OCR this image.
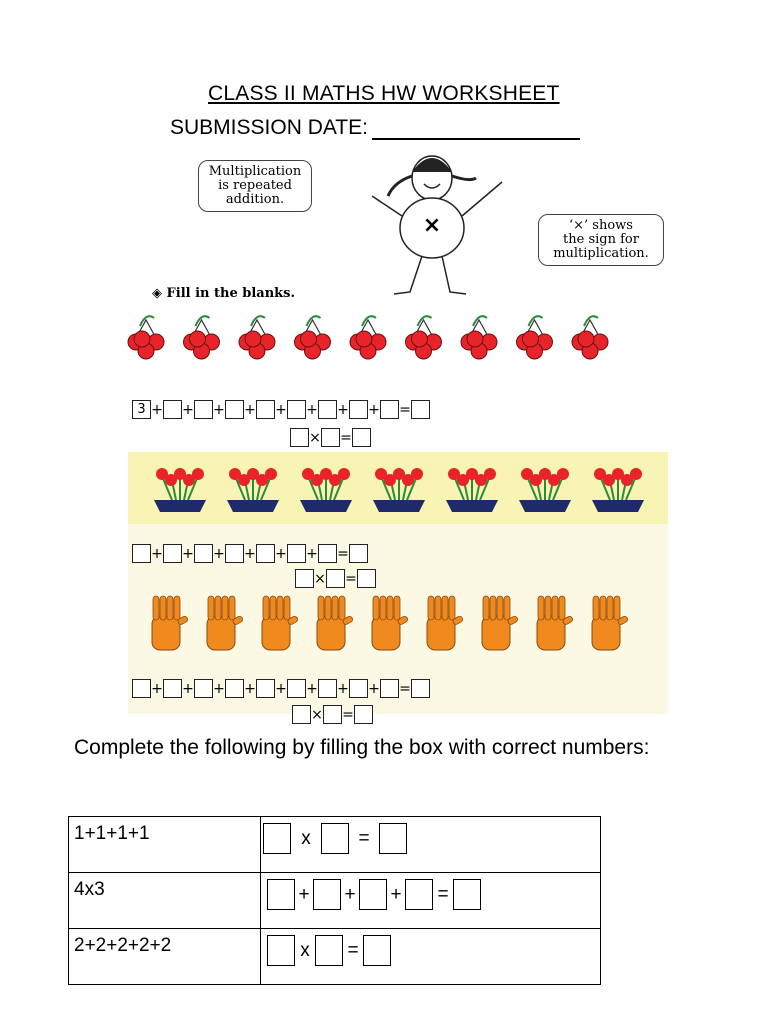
CLASS II MATHS HW WORKSHEET
SUBMISSION DATE:
×
Multiplication
is repeated
addition.
‘×’ shows
the sign for
multiplication.
◈ Fill in the blanks.
3 + + + + + + + + =
× =
+ + + + + + =
× =
+ + + + + + + + =
× =
Complete the following by filling the box with correct numbers:
1+1+1+1	x =

4x3	+ + + =

2+2+2+2+2	x =
